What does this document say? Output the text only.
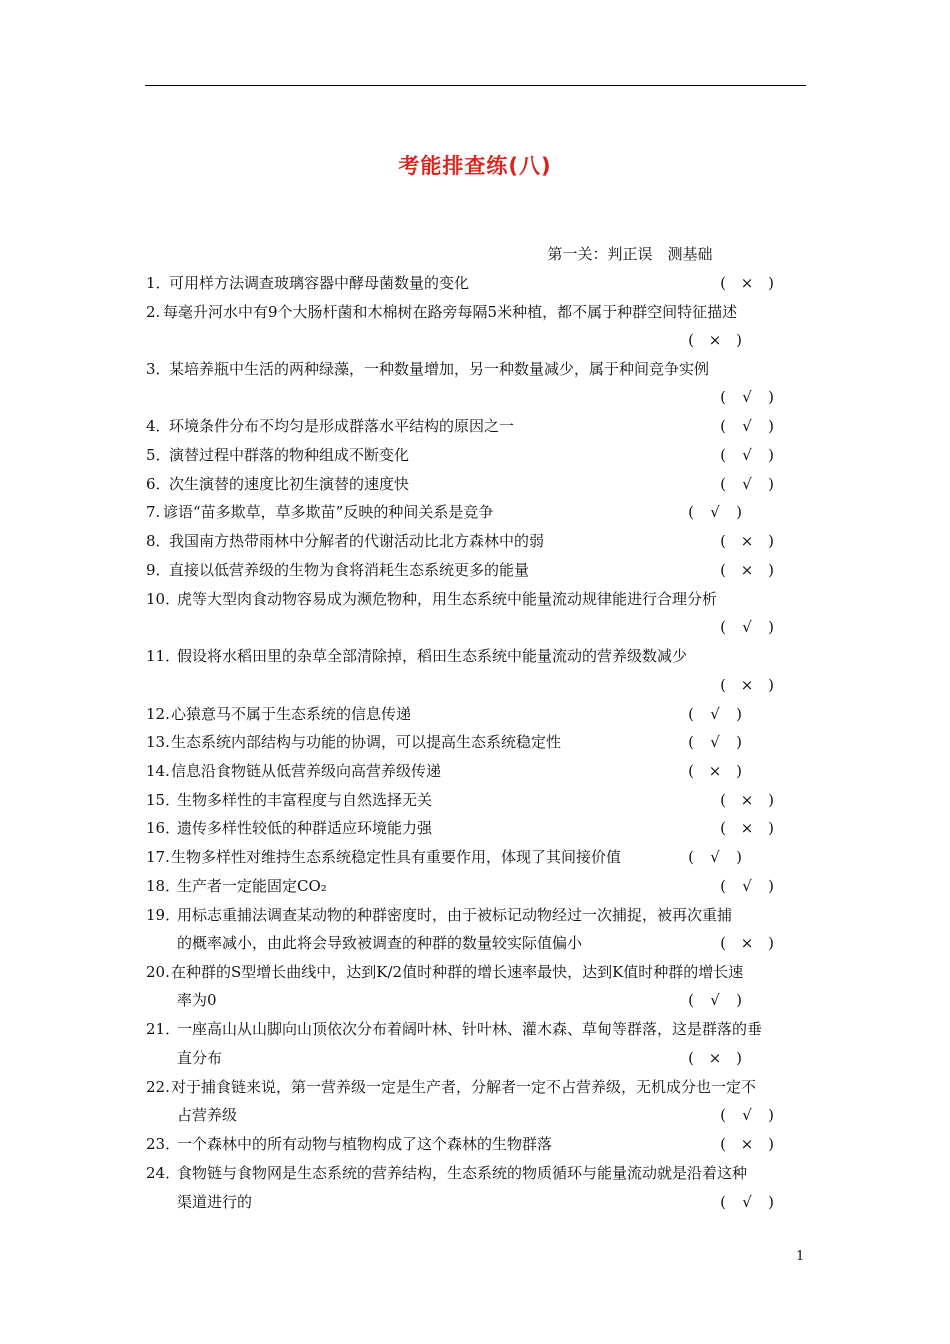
考能排查练(八)
第一关：判正误　测基础
1．
可用样方法调查玻璃容器中酵母菌数量的变化	( × )
2. 每毫升河水中有9个大肠杆菌和木棉树在路旁每隔5米种植，都不属于种群空间特征描述
( × )
3．
某培养瓶中生活的两种绿藻，一种数量增加，另一种数量减少，属于种间竞争实例
( √ )
4．
环境条件分布不均匀是形成群落水平结构的原因之一	( √ )
5．
演替过程中群落的物种组成不断变化	( √ )
6．
次生演替的速度比初生演替的速度快	( √ )
7. 谚语“苗多欺草，草多欺苗”反映的种间关系是竞争	( √ )
8．
我国南方热带雨林中分解者的代谢活动比北方森林中的弱	( × )
9．
直接以低营养级的生物为食将消耗生态系统更多的能量	( × )
10．
虎等大型肉食动物容易成为濒危物种，用生态系统中能量流动规律能进行合理分析
( √ )
11．
假设将水稻田里的杂草全部清除掉，稻田生态系统中能量流动的营养级数减少
( × )
12. 心猿意马不属于生态系统的信息传递	( √ )
13. 生态系统内部结构与功能的协调，可以提高生态系统稳定性	( √ )
14. 信息沿食物链从低营养级向高营养级传递	( × )
15．
生物多样性的丰富程度与自然选择无关	( × )
16．
遗传多样性较低的种群适应环境能力强	( × )
17. 生物多样性对维持生态系统稳定性具有重要作用，体现了其间接价值	( √ )
18．
生产者一定能固定CO₂	( √ )
19．
用标志重捕法调查某动物的种群密度时，由于被标记动物经过一次捕捉，被再次重捕
的概率减小，由此将会导致被调查的种群的数量较实际值偏小	( × )
20. 在种群的S型增长曲线中，达到K/2值时种群的增长速率最快，达到K值时种群的增长速
率为0	( √ )
21．
一座高山从山脚向山顶依次分布着阔叶林、针叶林、灌木森、草甸等群落，这是群落的垂
直分布	( × )
22. 对于捕食链来说，第一营养级一定是生产者，分解者一定不占营养级，无机成分也一定不
占营养级	( √ )
23．
一个森林中的所有动物与植物构成了这个森林的生物群落	( × )
24．
食物链与食物网是生态系统的营养结构，生态系统的物质循环与能量流动就是沿着这种
渠道进行的	( √ )
1
